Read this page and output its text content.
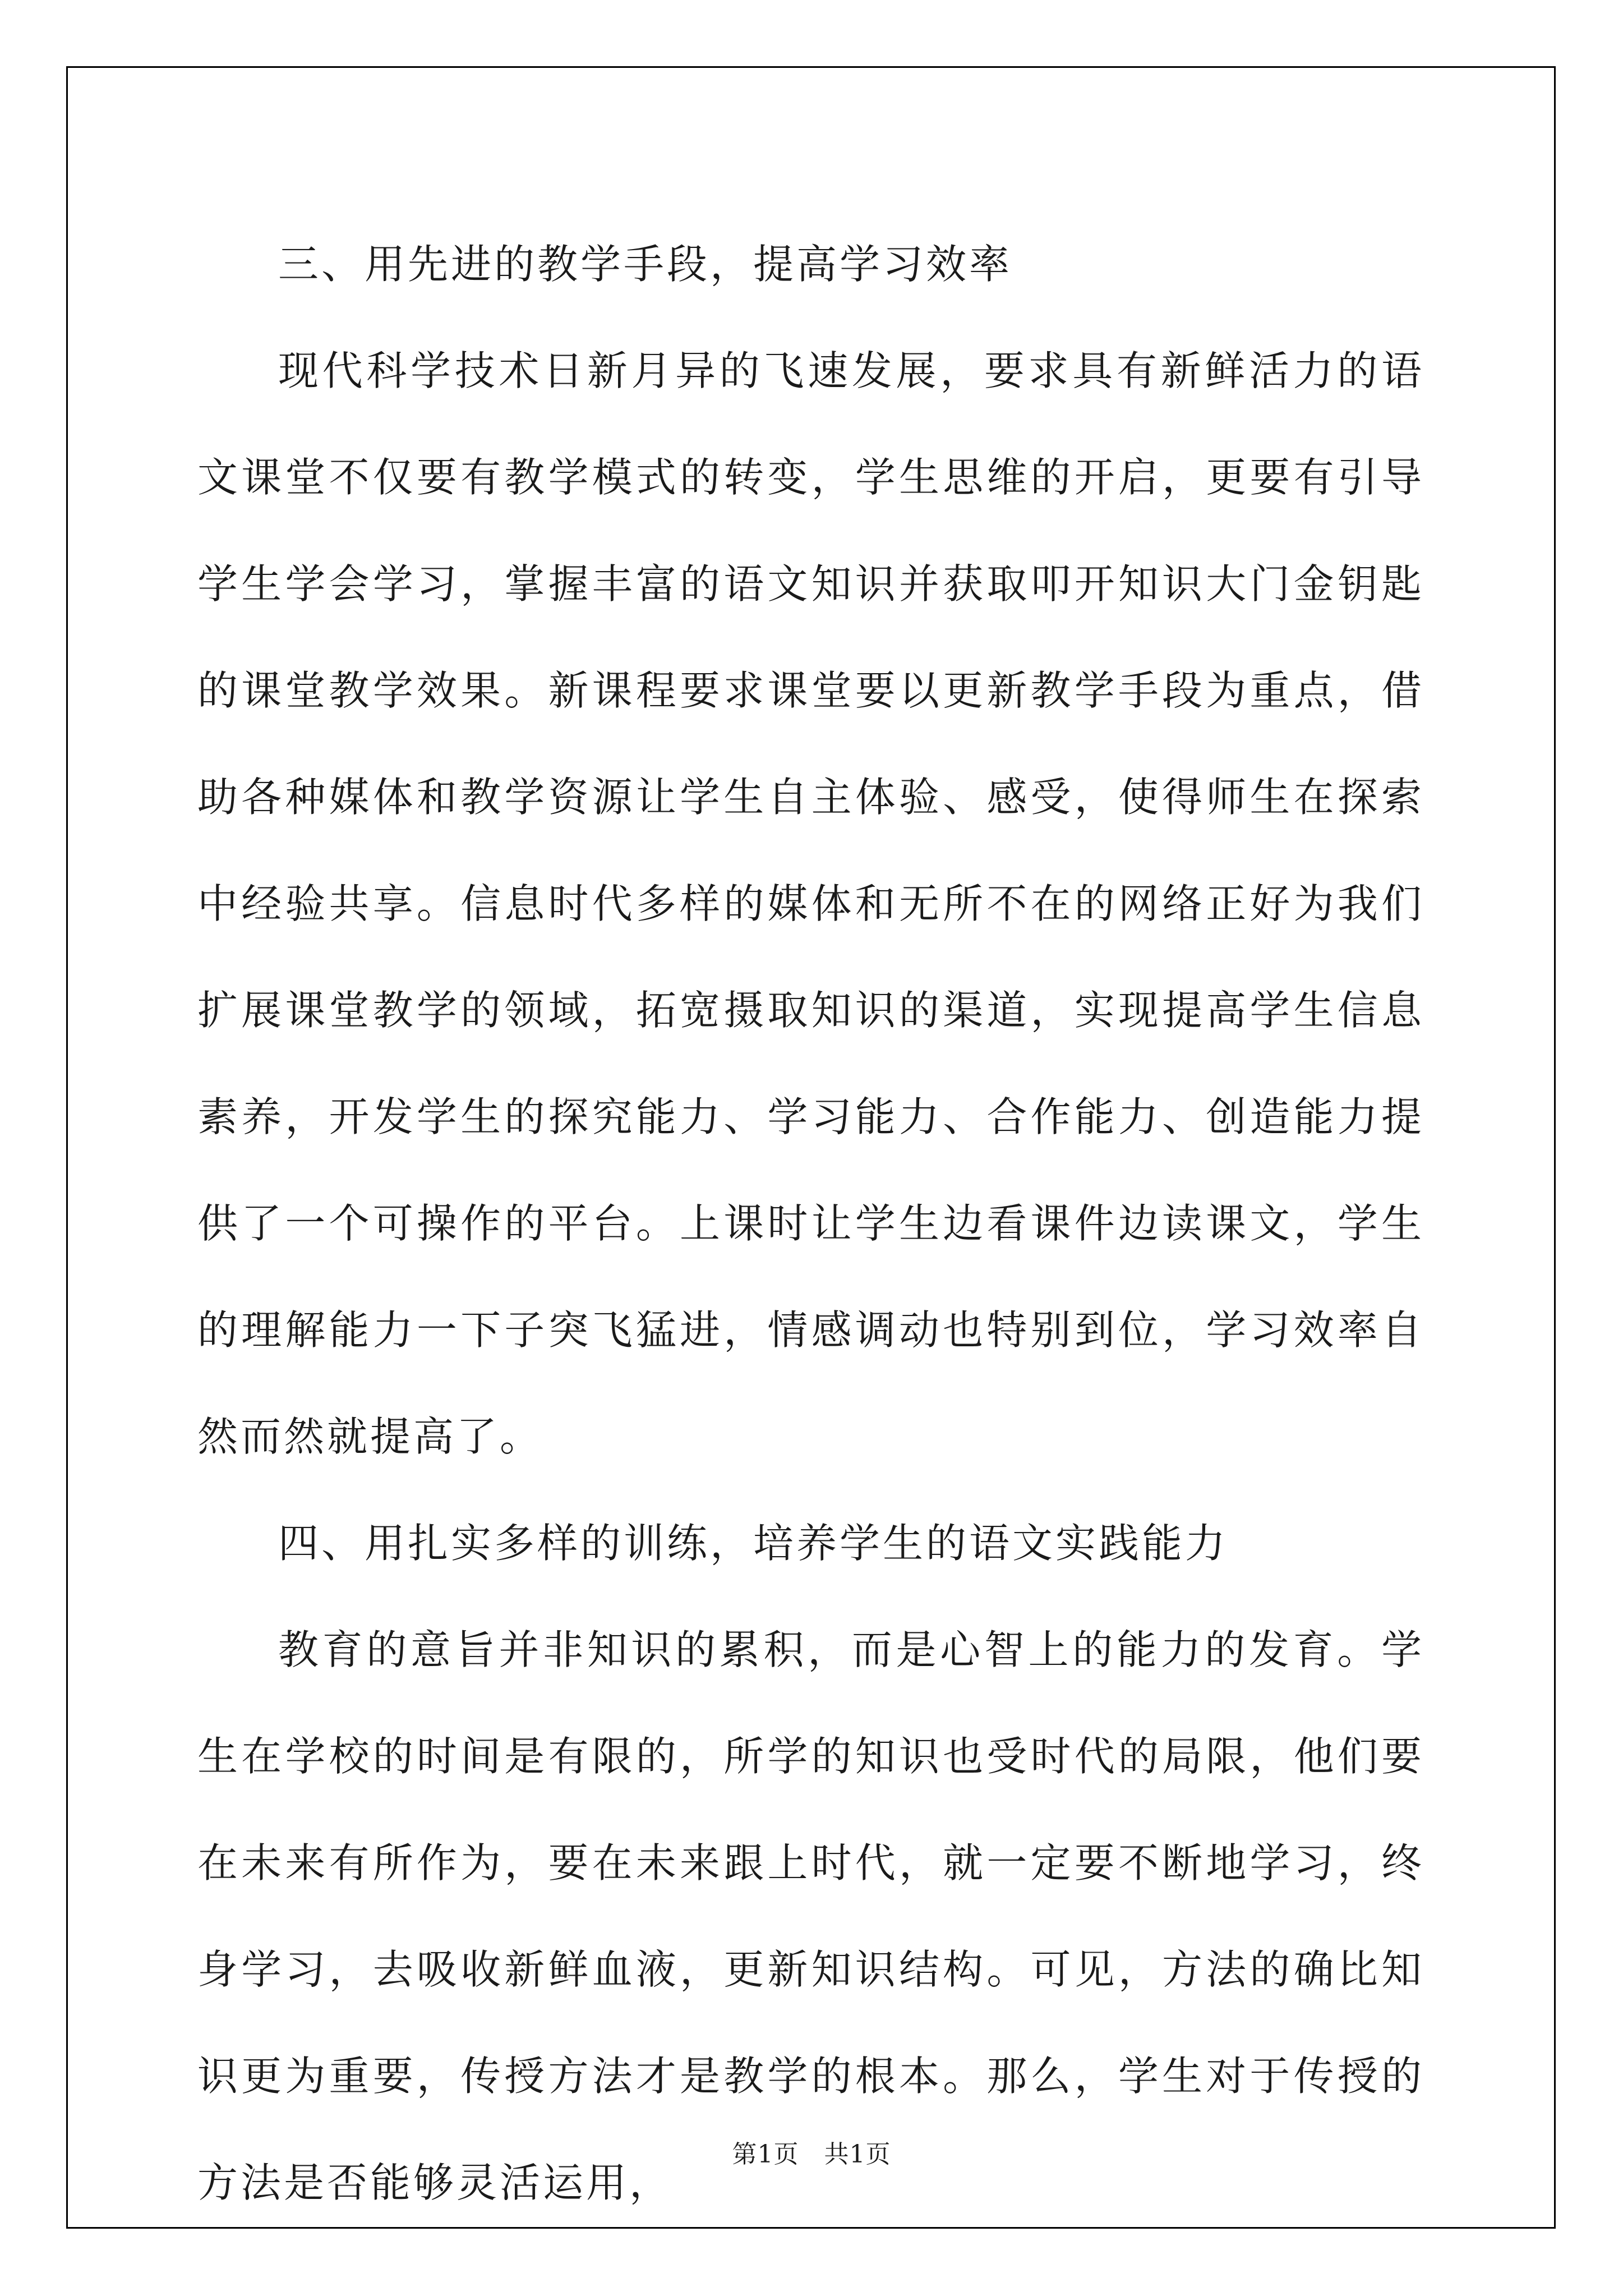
三、用先进的教学手段，提高学习效率

现代科学技术日新月异的飞速发展，要求具有新鲜活力的语文课堂不仅要有教学模式的转变，学生思维的开启，更要有引导学生学会学习，掌握丰富的语文知识并获取叩开知识大门金钥匙的课堂教学效果。新课程要求课堂要以更新教学手段为重点，借助各种媒体和教学资源让学生自主体验、感受，使得师生在探索中经验共享。信息时代多样的媒体和无所不在的网络正好为我们扩展课堂教学的领域，拓宽摄取知识的渠道，实现提高学生信息素养，开发学生的探究能力、学习能力、合作能力、创造能力提供了一个可操作的平台。上课时让学生边看课件边读课文，学生的理解能力一下子突飞猛进，情感调动也特别到位，学习效率自然而然就提高了。

四、用扎实多样的训练，培养学生的语文实践能力

教育的意旨并非知识的累积，而是心智上的能力的发育。学生在学校的时间是有限的，所学的知识也受时代的局限，他们要在未来有所作为，要在未来跟上时代，就一定要不断地学习，终身学习，去吸收新鲜血液，更新知识结构。可见，方法的确比知识更为重要，传授方法才是教学的根本。那么，学生对于传授的方法是否能够灵活运用，

第1页   共1页
